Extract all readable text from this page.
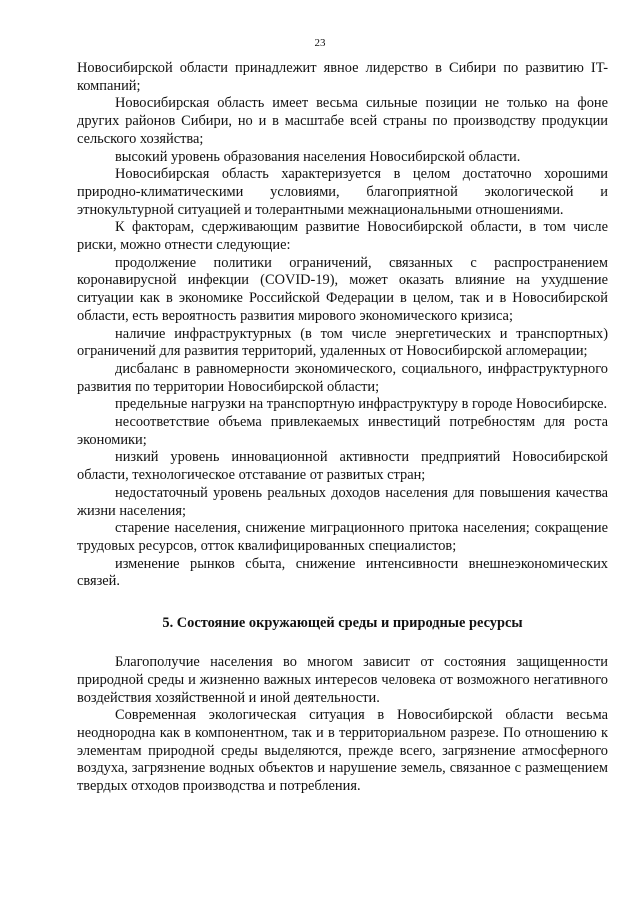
23

Новосибирской области принадлежит явное лидерство в Сибири по развитию IT-компаний;

Новосибирская область имеет весьма сильные позиции не только на фоне других районов Сибири, но и в масштабе всей страны по производству продукции сельского хозяйства;

высокий уровень образования населения Новосибирской области.

Новосибирская область характеризуется в целом достаточно хорошими природно-климатическими условиями, благоприятной экологической и этнокультурной ситуацией и толерантными межнациональными отношениями.

К факторам, сдерживающим развитие Новосибирской области, в том числе риски, можно отнести следующие:

продолжение политики ограничений, связанных с распространением коронавирусной инфекции (COVID-19), может оказать влияние на ухудшение ситуации как в экономике Российской Федерации в целом, так и в Новосибирской области, есть вероятность развития мирового экономического кризиса;

наличие инфраструктурных (в том числе энергетических и транспортных) ограничений для развития территорий, удаленных от Новосибирской агломерации;

дисбаланс в равномерности экономического, социального, инфраструктурного развития по территории Новосибирской области;

предельные нагрузки на транспортную инфраструктуру в городе Новосибирске.

несоответствие объема привлекаемых инвестиций потребностям для роста экономики;

низкий уровень инновационной активности предприятий Новосибирской области, технологическое отставание от развитых стран;

недостаточный уровень реальных доходов населения для повышения качества жизни населения;

старение населения, снижение миграционного притока населения; сокращение трудовых ресурсов, отток квалифицированных специалистов;

изменение рынков сбыта, снижение интенсивности внешнеэкономических связей.

5. Состояние окружающей среды и природные ресурсы

Благополучие населения во многом зависит от состояния защищенности природной среды и жизненно важных интересов человека от возможного негативного воздействия хозяйственной и иной деятельности.

Современная экологическая ситуация в Новосибирской области весьма неоднородна как в компонентном, так и в территориальном разрезе. По отношению к элементам природной среды выделяются, прежде всего, загрязнение атмосферного воздуха, загрязнение водных объектов и нарушение земель, связанное с размещением твердых отходов производства и потребления.
